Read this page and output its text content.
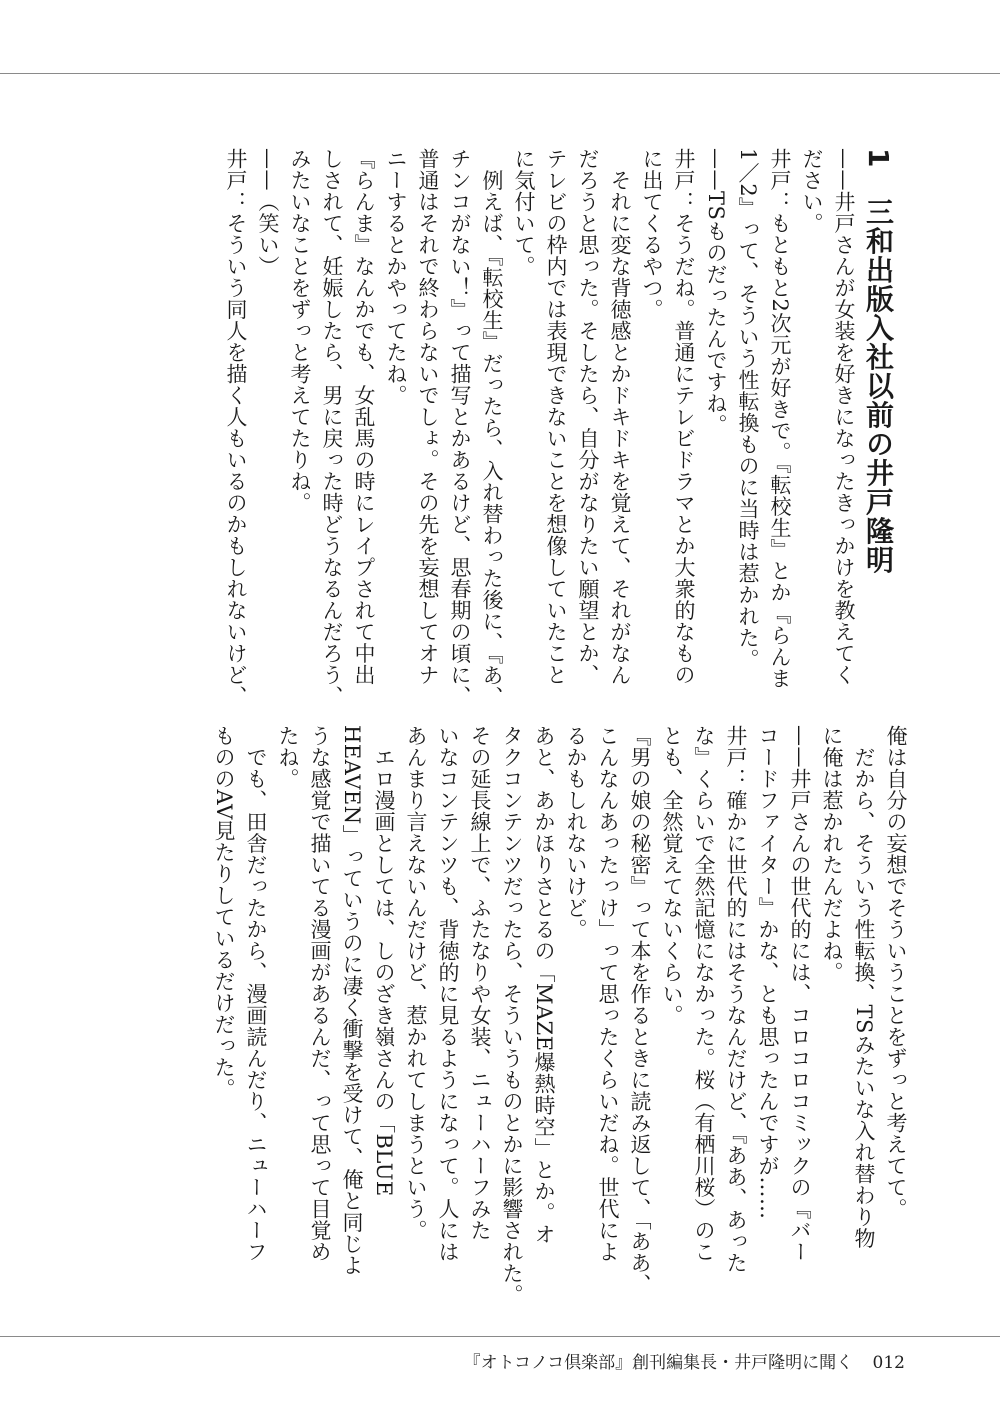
1 三和出版入社以前の井戸隆明
——井戸さんが女装を好きになったきっかけを教えてく
ださい。
井戸：もともと2次元が好きで。『転校生』とか『らんま
1／2』って、そういう性転換ものに当時は惹かれた。
——TSものだったんですね。
井戸：そうだね。普通にテレビドラマとか大衆的なもの
に出てくるやつ。
　それに変な背徳感とかドキドキを覚えて、それがなん
だろうと思った。そしたら、自分がなりたい願望とか、
テレビの枠内では表現できないことを想像していたこと
に気付いて。
　例えば、『転校生』だったら、入れ替わった後に、『あ、
チンコがない！』って描写とかあるけど、思春期の頃に、
普通はそれで終わらないでしょ。その先を妄想してオナ
ニーするとかやってたね。
『らんま』なんかでも、女乱馬の時にレイプされて中出
しされて、妊娠したら、男に戻った時どうなるんだろう、
みたいなことをずっと考えてたりね。
——（笑い）
井戸：そういう同人を描く人もいるのかもしれないけど、
俺は自分の妄想でそういうことをずっと考えてて。
　だから、そういう性転換、TSみたいな入れ替わり物
に俺は惹かれたんだよね。
——井戸さんの世代的には、コロコロコミックの『バー
コードファイター』かな、とも思ったんですが……
井戸：確かに世代的にはそうなんだけど、『ああ、あった
な』くらいで全然記憶になかった。桜（有栖川桜）のこ
とも、全然覚えてないくらい。
『男の娘の秘密』って本を作るときに読み返して、「ああ、
こんなんあったっけ」って思ったくらいだね。世代によ
るかもしれないけど。
あと、あかほりさとるの「MAZE爆熱時空」とか。オ
タクコンテンツだったら、そういうものとかに影響された。
その延長線上で、ふたなりや女装、ニューハーフみた
いなコンテンツも、背徳的に見るようになって。人には
あんまり言えないんだけど、惹かれてしまうという。
　エロ漫画としては、しのざき嶺さんの「BLUE
HEAVEN」っていうのに凄く衝撃を受けて、俺と同じよ
うな感覚で描いてる漫画があるんだ、って思って目覚め
たね。
　でも、田舎だったから、漫画読んだり、ニューハーフ
もののAV見たりしているだけだった。
『オトコノコ倶楽部』創刊編集長・井戸隆明に聞く 012
